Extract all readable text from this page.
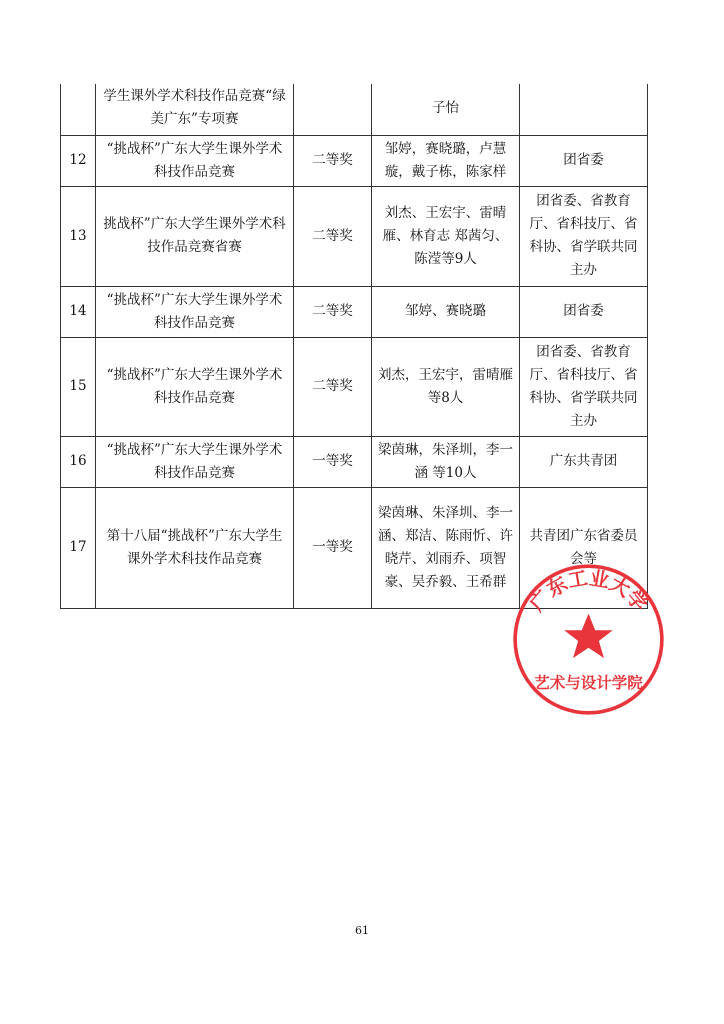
	学生课外学术科技作品竞赛“绿美广东”专项赛		子怡	
12	“挑战杯”广东大学生课外学术科技作品竞赛	二等奖	邹婷，赛晓璐，卢慧璇，戴子栋，陈家样	团省委
13	挑战杯”广东大学生课外学术科技作品竞赛省赛	二等奖	刘杰、王宏宇、雷晴雁、林育志 郑茜匀、陈滢等9人	团省委、省教育厅、省科技厅、省科协、省学联共同主办
14	“挑战杯”广东大学生课外学术科技作品竞赛	二等奖	邹婷、赛晓璐	团省委
15	“挑战杯”广东大学生课外学术科技作品竞赛	二等奖	刘杰，王宏宇，雷晴雁 等8人	团省委、省教育厅、省科技厅、省科协、省学联共同主办
16	“挑战杯”广东大学生课外学术科技作品竞赛	一等奖	梁茵琳，朱泽圳，李一涵 等10人	广东共青团
17	第十八届“挑战杯”广东大学生课外学术科技作品竞赛	一等奖	梁茵琳、朱泽圳、李一涵、郑洁、陈雨忻、许晓芹、刘雨乔、项智豪、吴乔毅、王希群	共青团广东省委员会等
广东工业大学
艺术与设计学院
61
